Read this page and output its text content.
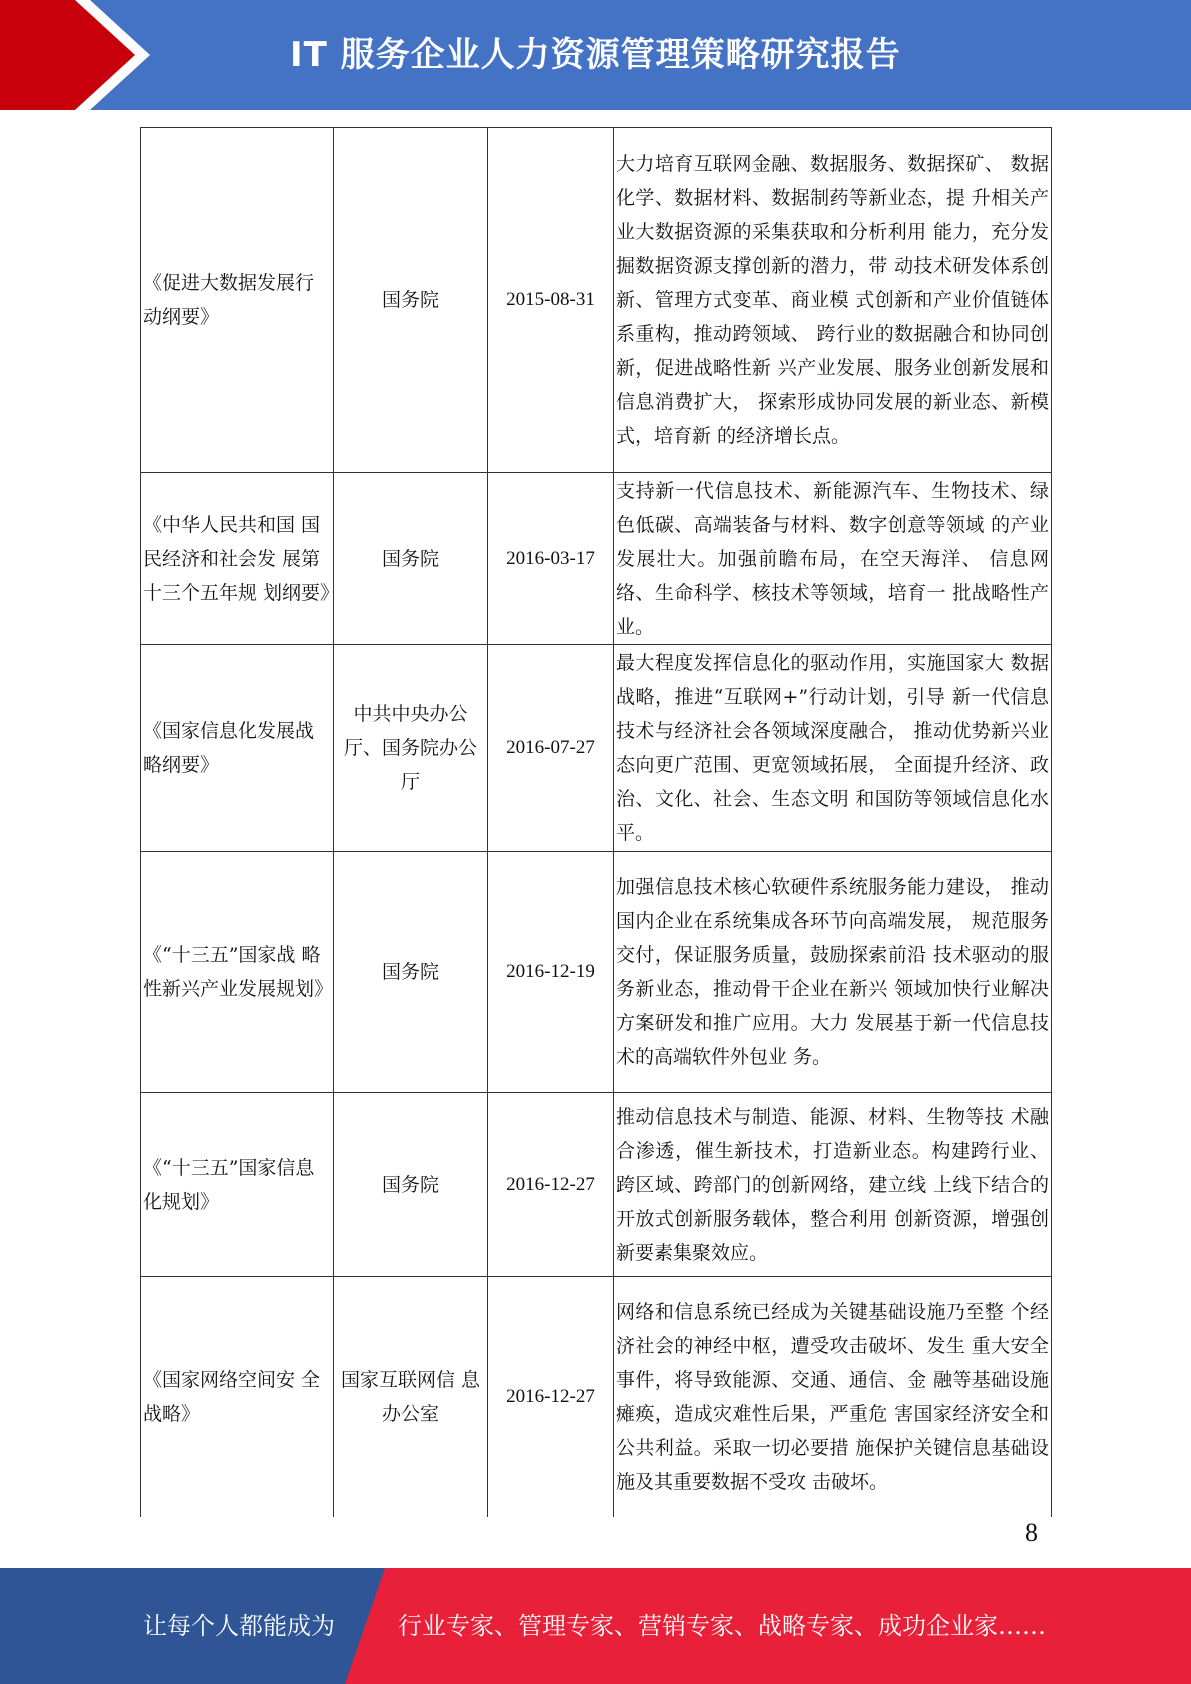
IT 服务企业人力资源管理策略研究报告
《促进大数据发展行动纲要》	国务院	2015-08-31	大力培育互联网金融、数据服务、数据探矿、 数据化学、数据材料、数据制药等新业态，提 升相关产业大数据资源的采集获取和分析利用 能力，充分发掘数据资源支撑创新的潜力，带 动技术研发体系创新、管理方式变革、商业模 式创新和产业价值链体系重构，推动跨领域、 跨行业的数据融合和协同创新，促进战略性新 兴产业发展、服务业创新发展和信息消费扩大， 探索形成协同发展的新业态、新模式，培育新 的经济增长点。
《中华人民共和国 国民经济和社会发 展第十三个五年规 划纲要》	国务院	2016-03-17	支持新一代信息技术、新能源汽车、生物技术、绿色低碳、高端装备与材料、数字创意等领域 的产业发展壮大。加强前瞻布局，在空天海洋、 信息网络、生命科学、核技术等领域，培育一 批战略性产业。
《国家信息化发展战略纲要》	中共中央办公厅、国务院办公厅	2016-07-27	最大程度发挥信息化的驱动作用，实施国家大 数据战略，推进“互联网+”行动计划，引导 新一代信息技术与经济社会各领域深度融合， 推动优势新兴业态向更广范围、更宽领域拓展， 全面提升经济、政治、文化、社会、生态文明 和国防等领域信息化水平。
《“十三五”国家战 略性新兴产业发展规划》	国务院	2016-12-19	加强信息技术核心软硬件系统服务能力建设， 推动国内企业在系统集成各环节向高端发展， 规范服务交付，保证服务质量，鼓励探索前沿 技术驱动的服务新业态，推动骨干企业在新兴 领域加快行业解决方案研发和推广应用。大力 发展基于新一代信息技术的高端软件外包业 务。
《“十三五”国家信息化规划》	国务院	2016-12-27	推动信息技术与制造、能源、材料、生物等技 术融合渗透，催生新技术，打造新业态。构建跨行业、跨区域、跨部门的创新网络，建立线 上线下结合的开放式创新服务载体，整合利用 创新资源，增强创新要素集聚效应。
《国家网络空间安 全战略》	国家互联网信 息办公室	2016-12-27	网络和信息系统已经成为关键基础设施乃至整 个经济社会的神经中枢，遭受攻击破坏、发生 重大安全事件，将导致能源、交通、通信、金 融等基础设施瘫痪，造成灾难性后果，严重危 害国家经济安全和公共利益。采取一切必要措 施保护关键信息基础设施及其重要数据不受攻 击破坏。
8
让每个人都能成为	行业专家、管理专家、营销专家、战略专家、成功企业家……
